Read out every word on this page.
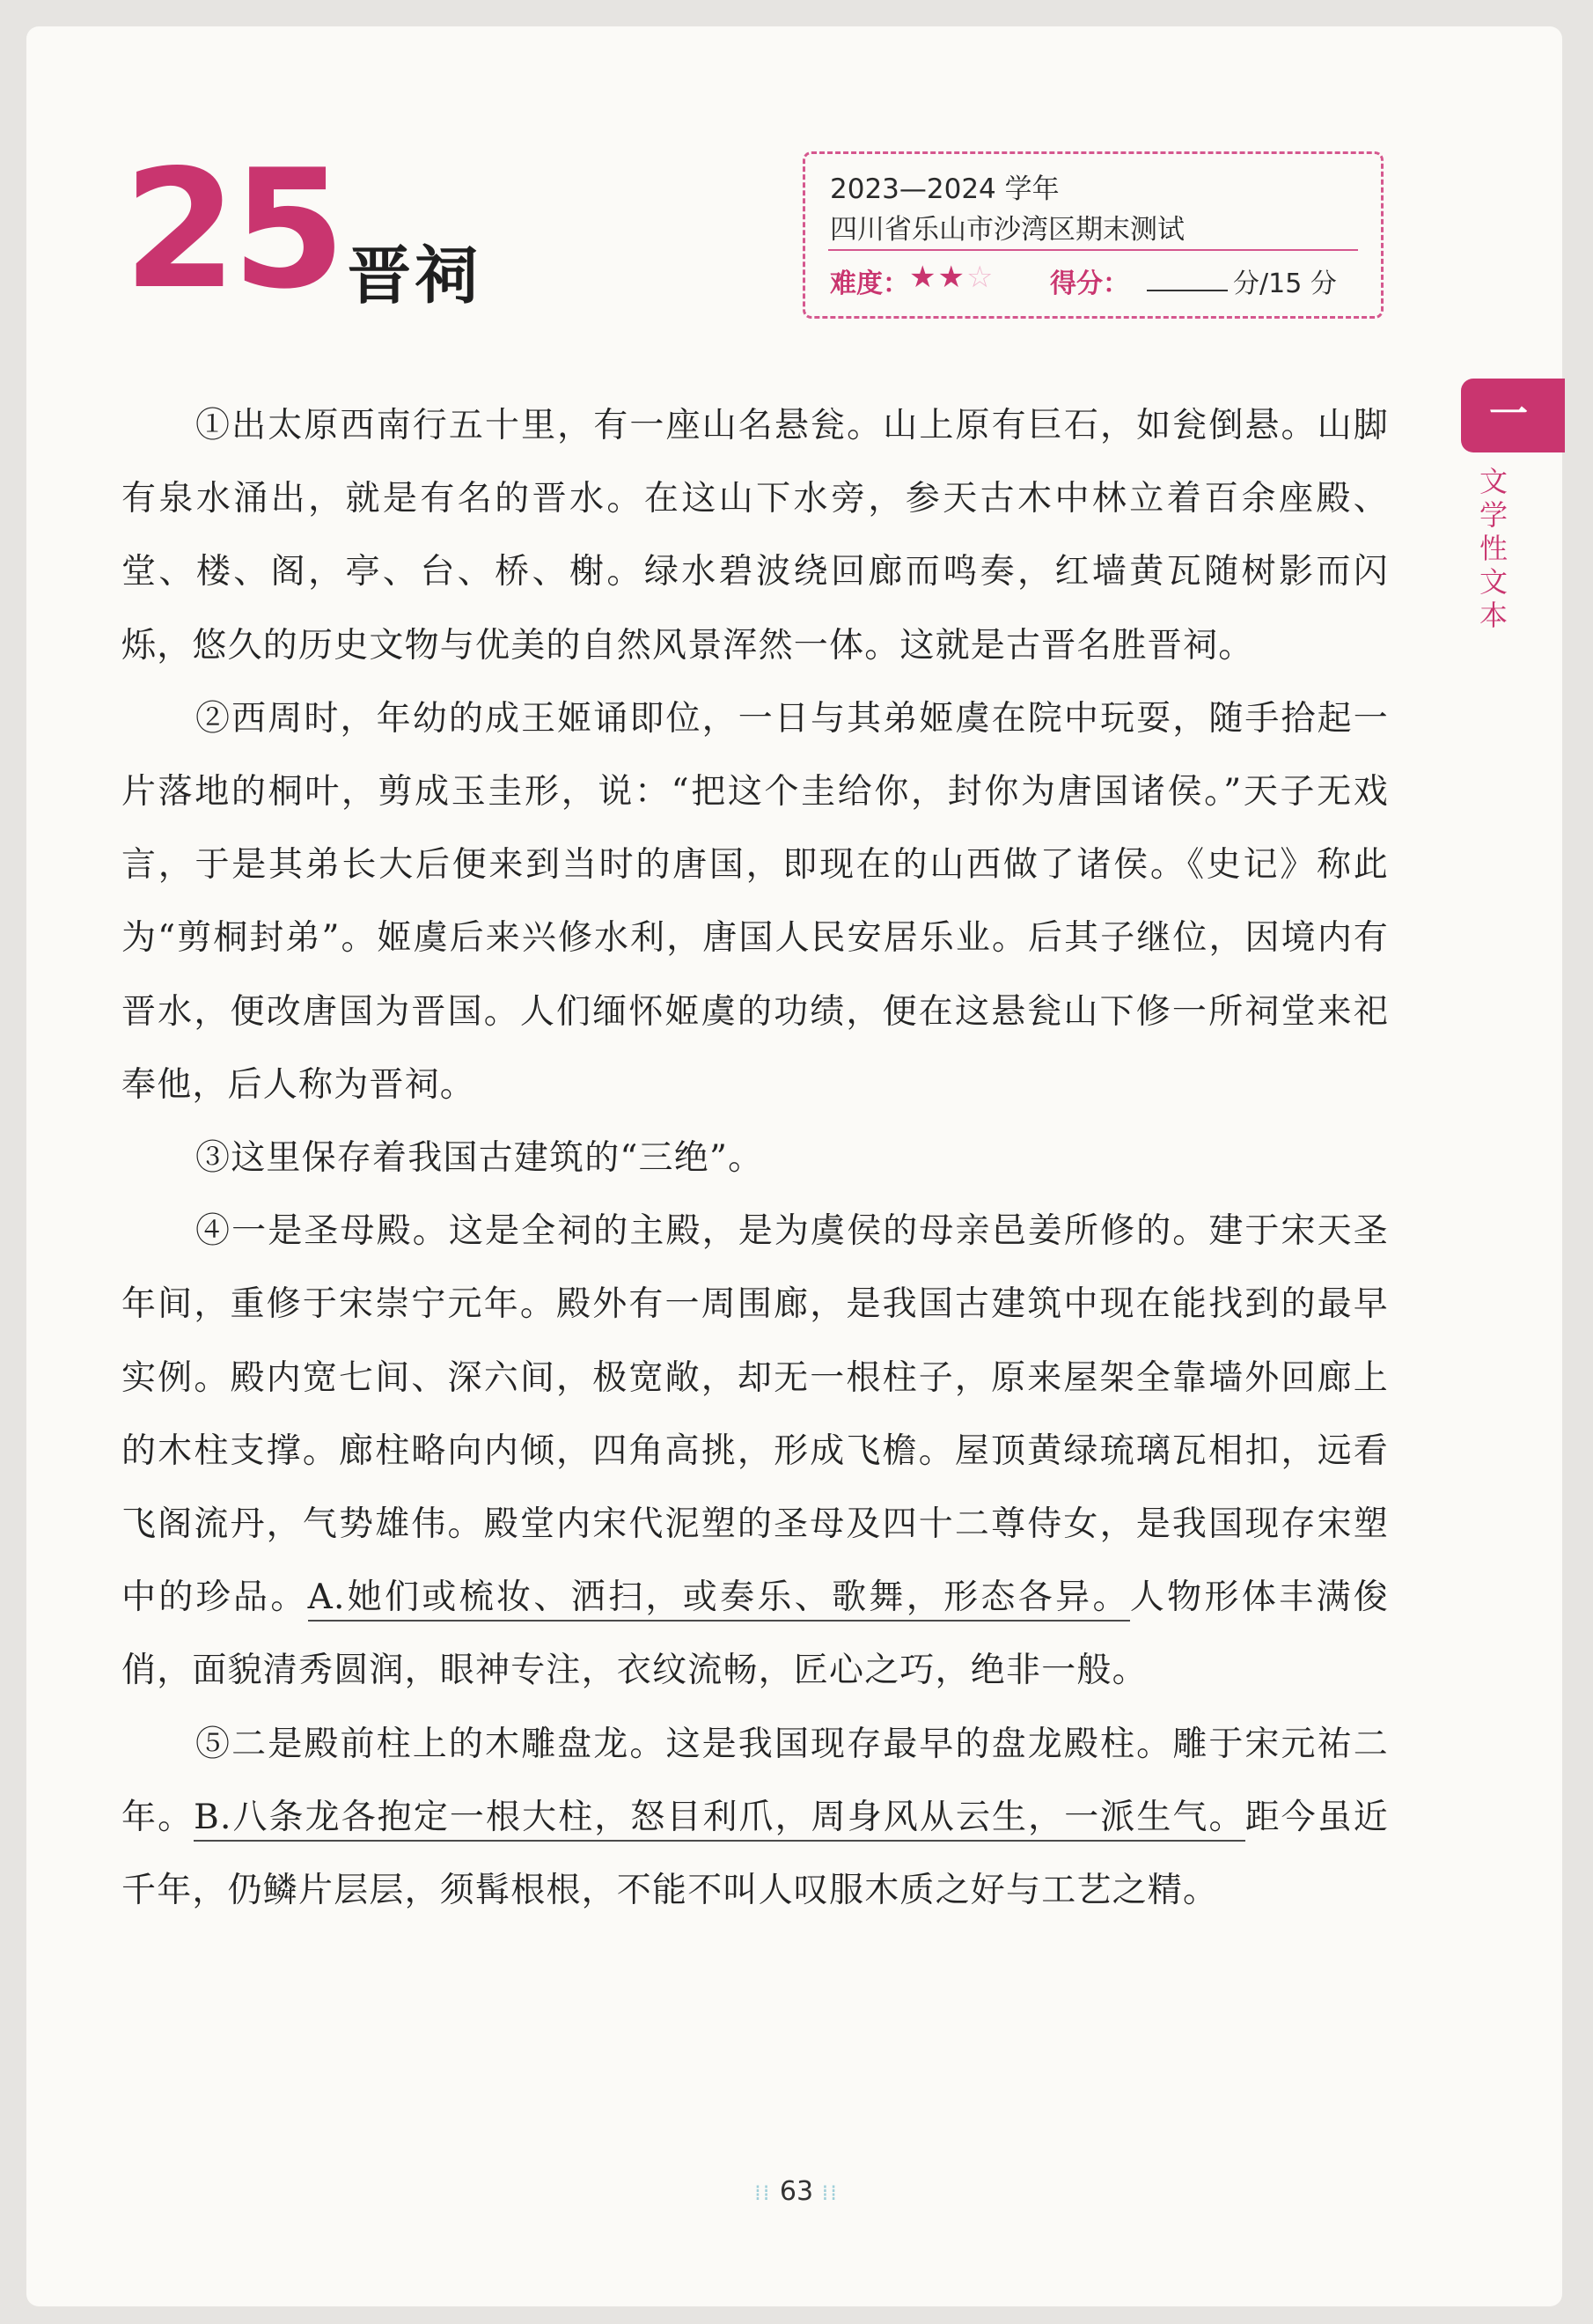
25 晋祠
2023—2024 学年
四川省乐山市沙湾区期末测试
难度： ★★☆ 得分：	分/15 分
一
文学性文本

①出太原西南行五十里，有一座山名悬瓮。山上原有巨石，如瓮倒悬。山脚有泉水涌出，就是有名的晋水。在这山下水旁，参天古木中林立着百余座殿、堂、楼、阁，亭、台、桥、榭。绿水碧波绕回廊而鸣奏，红墙黄瓦随树影而闪烁，悠久的历史文物与优美的自然风景浑然一体。这就是古晋名胜晋祠。

②西周时，年幼的成王姬诵即位，一日与其弟姬虞在院中玩耍，随手拾起一片落地的桐叶，剪成玉圭形，说：“把这个圭给你，封你为唐国诸侯。”天子无戏言，于是其弟长大后便来到当时的唐国，即现在的山西做了诸侯。《史记》称此为“剪桐封弟”。姬虞后来兴修水利，唐国人民安居乐业。后其子继位，因境内有晋水，便改唐国为晋国。人们缅怀姬虞的功绩，便在这悬瓮山下修一所祠堂来祀奉他，后人称为晋祠。

③这里保存着我国古建筑的“三绝”。

④一是圣母殿。这是全祠的主殿，是为虞侯的母亲邑姜所修的。建于宋天圣年间，重修于宋崇宁元年。殿外有一周围廊，是我国古建筑中现在能找到的最早实例。殿内宽七间、深六间，极宽敞，却无一根柱子，原来屋架全靠墙外回廊上的木柱支撑。廊柱略向内倾，四角高挑，形成飞檐。屋顶黄绿琉璃瓦相扣，远看飞阁流丹，气势雄伟。殿堂内宋代泥塑的圣母及四十二尊侍女，是我国现存宋塑中的珍品。A.她们或梳妆、洒扫，或奏乐、歌舞，形态各异。人物形体丰满俊俏，面貌清秀圆润，眼神专注，衣纹流畅，匠心之巧，绝非一般。

⑤二是殿前柱上的木雕盘龙。这是我国现存最早的盘龙殿柱。雕于宋元祐二年。B.八条龙各抱定一根大柱，怒目利爪，周身风从云生，一派生气。距今虽近千年，仍鳞片层层，须髯根根，不能不叫人叹服木质之好与工艺之精。

⁞⁞ 63 ⁞⁞
